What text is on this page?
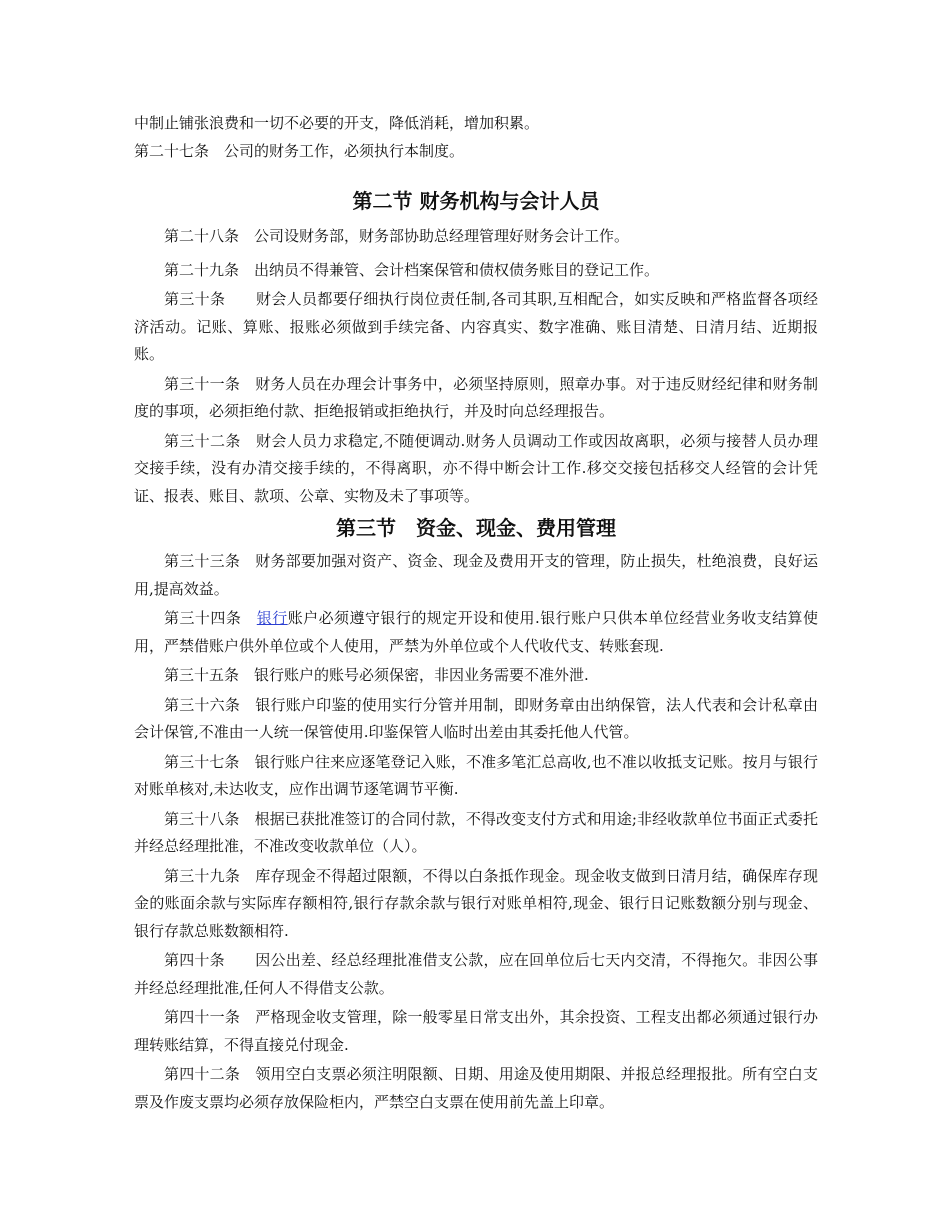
中制止铺张浪费和一切不必要的开支，降低消耗，增加积累。

第二十七条　 公司的财务工作，必须执行本制度。

第二节 财务机构与会计人员

第二十八条　 公司设财务部，财务部协助总经理管理好财务会计工作。

第二十九条　 出纳员不得兼管、会计档案保管和债权债务账目的登记工作。

第三十条　　 财会人员都要仔细执行岗位责任制,各司其职,互相配合，如实反映和严格监督各项经济活动。记账、算账、报账必须做到手续完备、内容真实、数字准确、账目清楚、日清月结、近期报账。

第三十一条　 财务人员在办理会计事务中，必须坚持原则，照章办事。对于违反财经纪律和财务制度的事项，必须拒绝付款、拒绝报销或拒绝执行，并及时向总经理报告。

第三十二条　 财会人员力求稳定,不随便调动.财务人员调动工作或因故离职，必须与接替人员办理交接手续，没有办清交接手续的，不得离职，亦不得中断会计工作.移交交接包括移交人经管的会计凭证、报表、账目、款项、公章、实物及未了事项等。

第三节　资金、现金、费用管理

第三十三条　 财务部要加强对资产、资金、现金及费用开支的管理，防止损失，杜绝浪费，良好运用,提高效益。

第三十四条　 银行账户必须遵守银行的规定开设和使用.银行账户只供本单位经营业务收支结算使用，严禁借账户供外单位或个人使用，严禁为外单位或个人代收代支、转账套现.

第三十五条　 银行账户的账号必须保密，非因业务需要不准外泄.

第三十六条　 银行账户印鉴的使用实行分管并用制，即财务章由出纳保管，法人代表和会计私章由会计保管,不准由一人统一保管使用.印鉴保管人临时出差由其委托他人代管。

第三十七条　 银行账户往来应逐笔登记入账，不准多笔汇总高收,也不准以收抵支记账。按月与银行对账单核对,未达收支，应作出调节逐笔调节平衡.

第三十八条　 根据已获批准签订的合同付款，不得改变支付方式和用途;非经收款单位书面正式委托并经总经理批准，不准改变收款单位（人）。

第三十九条　 库存现金不得超过限额，不得以白条抵作现金。现金收支做到日清月结，确保库存现金的账面余款与实际库存额相符,银行存款余款与银行对账单相符,现金、银行日记账数额分别与现金、银行存款总账数额相符.

第四十条　　 因公出差、经总经理批准借支公款，应在回单位后七天内交清，不得拖欠。非因公事并经总经理批准,任何人不得借支公款。

第四十一条　 严格现金收支管理，除一般零星日常支出外，其余投资、工程支出都必须通过银行办理转账结算，不得直接兑付现金.

第四十二条　 领用空白支票必须注明限额、日期、用途及使用期限、并报总经理报批。所有空白支票及作废支票均必须存放保险柜内，严禁空白支票在使用前先盖上印章。
